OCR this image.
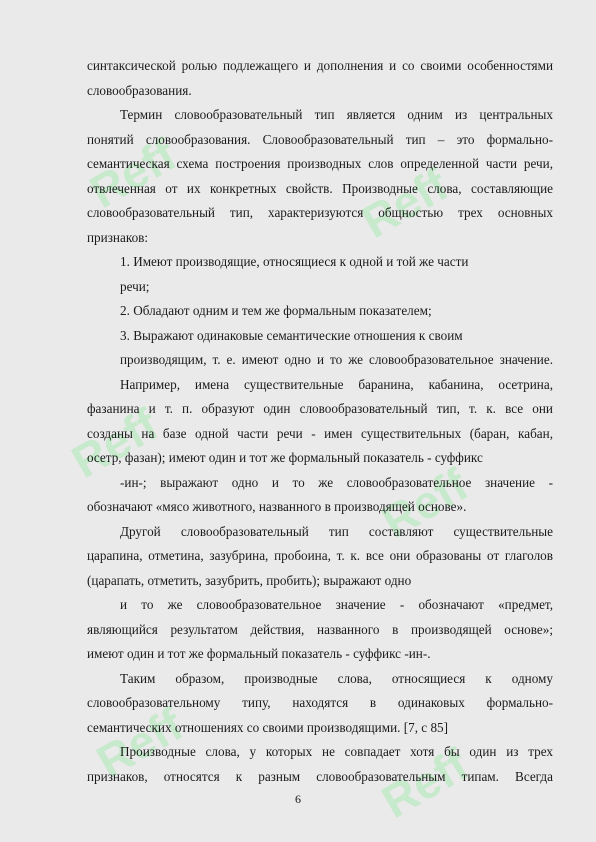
Reff	Reff
Reff
Reff
Reff	Reff
синтаксической ролью подлежащего и дополнения и со своими особенностями
словообразования.
Термин словообразовательный тип является одним из центральных
понятий словообразования. Словообразовательный тип – это формально-
семантическая схема построения производных слов определенной части речи,
отвлеченная от их конкретных свойств. Производные слова, составляющие
словообразовательный тип, характеризуются общностью трех основных
признаков:
1. Имеют производящие, относящиеся к одной и той же части
речи;
2. Обладают одним и тем же формальным показателем;
3. Выражают одинаковые семантические отношения к своим
производящим, т. е. имеют одно и то же словообразовательное значение.
Например, имена существительные баранина, кабанина, осетрина,
фазанина и т. п. образуют один словообразовательный тип, т. к. все они
созданы на базе одной части речи - имен существительных (баран, кабан,
осетр, фазан); имеют один и тот же формальный показатель - суффикс
-ин-; выражают одно и то же словообразовательное значение -
обозначают «мясо животного, названного в производящей основе».
Другой словообразовательный тип составляют существительные
царапина, отметина, зазубрина, пробоина, т. к. все они образованы от глаголов
(царапать, отметить, зазубрить, пробить); выражают одно
и то же словообразовательное значение - обозначают «предмет,
являющийся результатом действия, названного в производящей основе»;
имеют один и тот же формальный показатель - суффикс -ин-.
Таким образом, производные слова, относящиеся к одному
словообразовательному типу, находятся в одинаковых формально-
семантических отношениях со своими производящими. [7, с 85]
Производные слова, у которых не совпадает хотя бы один из трех
признаков, относятся к разным словообразовательным типам. Всегда
6
